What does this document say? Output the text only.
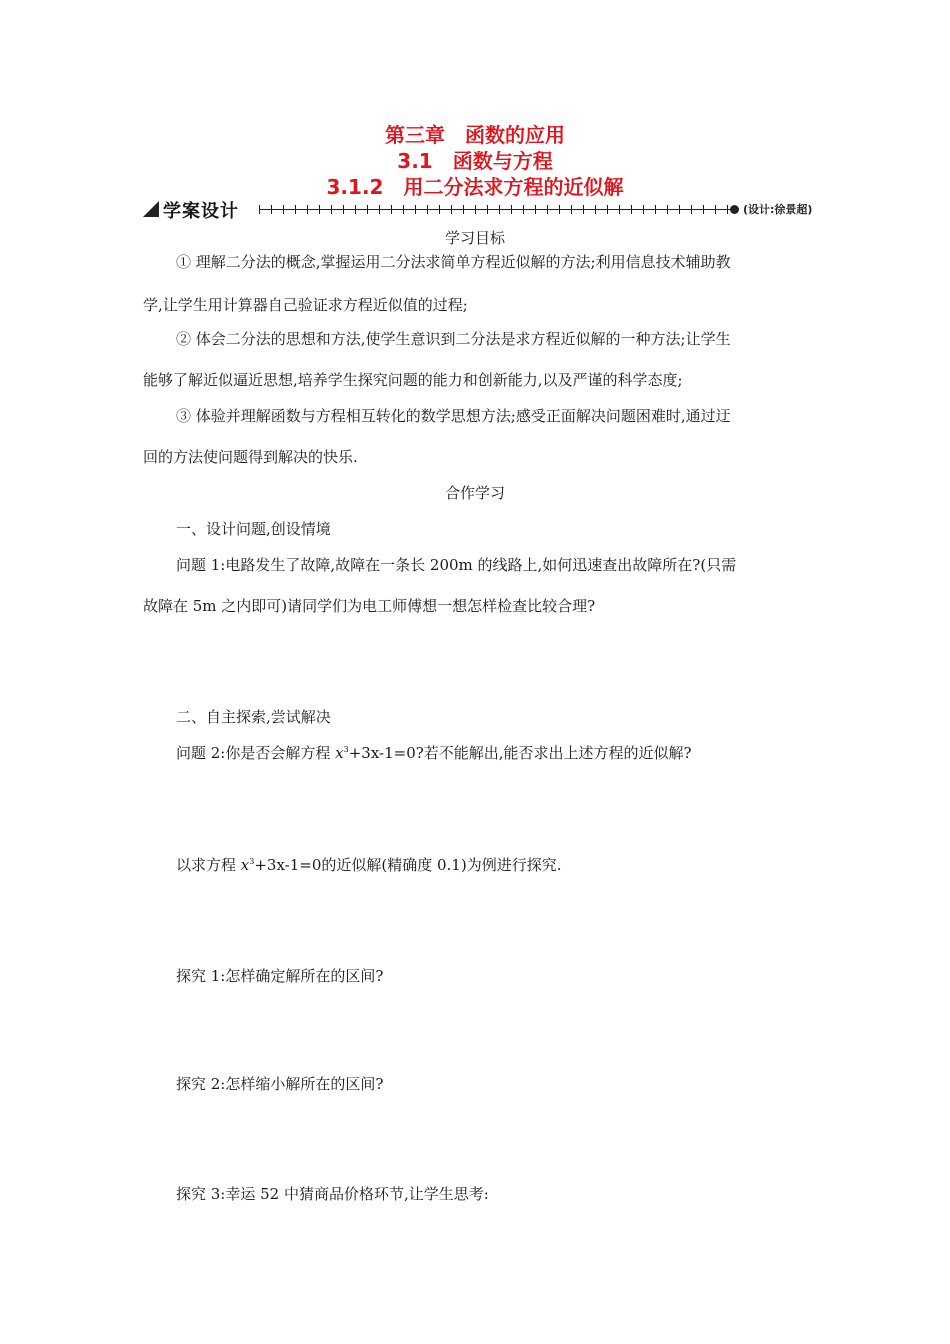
第三章　函数的应用
3.1　函数与方程
3.1.2　用二分法求方程的近似解
学案设计	(设计:徐景超)
学习目标
① 理解二分法的概念,掌握运用二分法求简单方程近似解的方法;利用信息技术辅助教
学,让学生用计算器自己验证求方程近似值的过程;
② 体会二分法的思想和方法,使学生意识到二分法是求方程近似解的一种方法;让学生
能够了解近似逼近思想,培养学生探究问题的能力和创新能力,以及严谨的科学态度;
③ 体验并理解函数与方程相互转化的数学思想方法;感受正面解决问题困难时,通过迂
回的方法使问题得到解决的快乐.
合作学习
一、设计问题,创设情境
问题 1:电路发生了故障,故障在一条长 200m 的线路上,如何迅速查出故障所在?(只需
故障在 5m 之内即可)请同学们为电工师傅想一想怎样检查比较合理?
二、自主探索,尝试解决
问题 2:你是否会解方程 $x^3+3x-1=0$?若不能解出,能否求出上述方程的近似解?
以求方程 $x^3+3x-1=0$的近似解(精确度 0.1)为例进行探究.
探究 1:怎样确定解所在的区间?
探究 2:怎样缩小解所在的区间?
探究 3:幸运 52 中猜商品价格环节,让学生思考:
